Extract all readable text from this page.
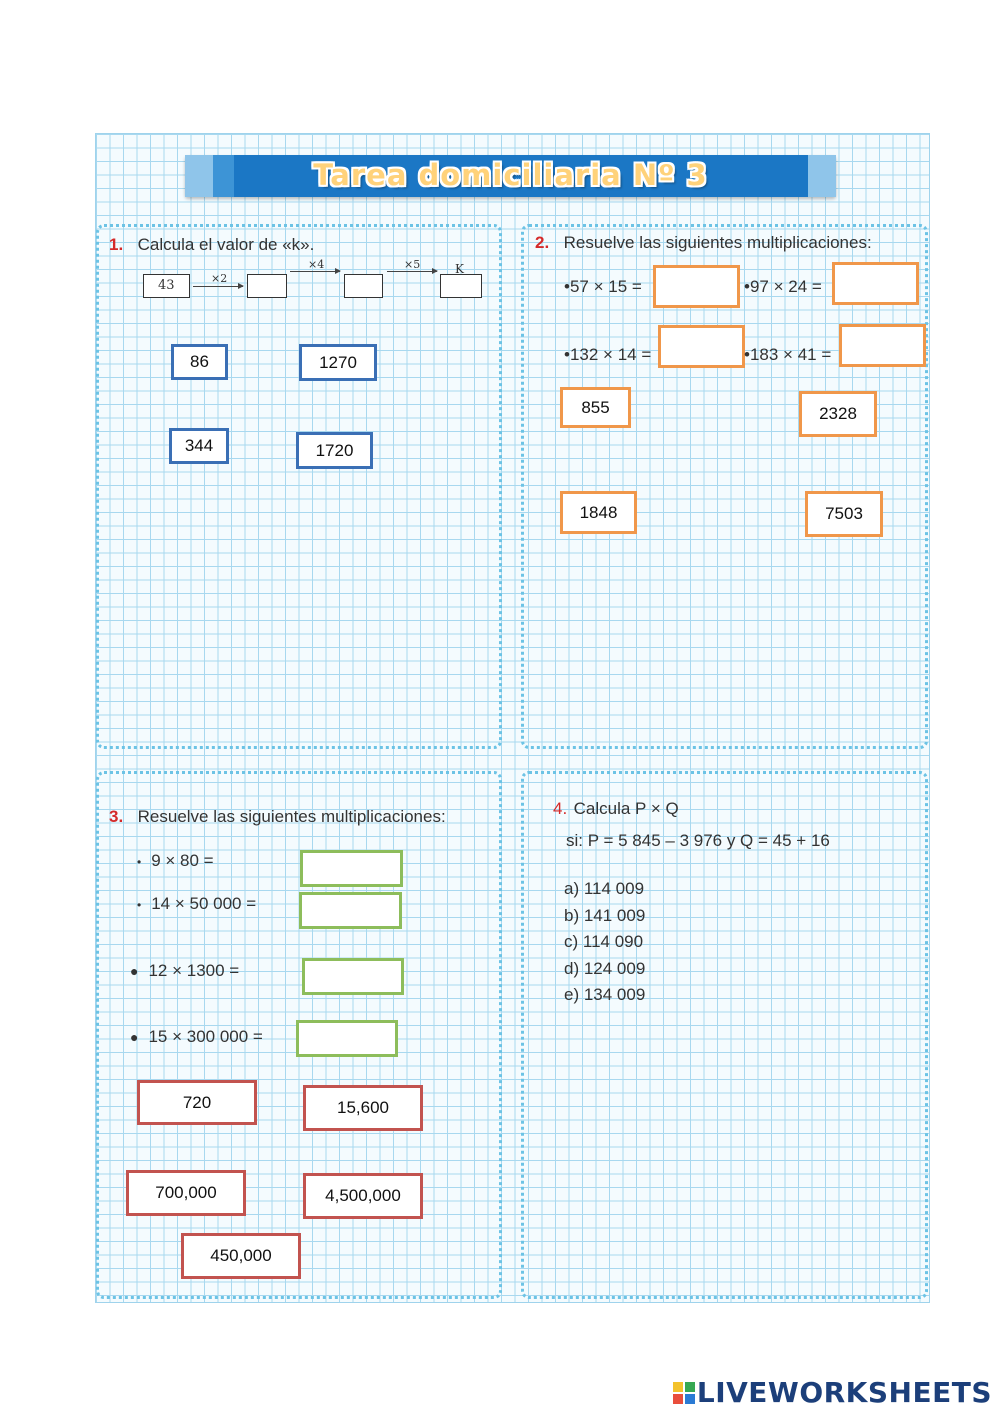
Tarea domiciliaria Nº 3
1. Calcula el valor de «k».
43	×2
×4	×5	K
86	1270
344	1720
2. Resuelve las siguientes multiplicaciones:
•57 × 15 =	•97 × 24 =
•132 × 14 =	•183 × 41 =
855	2328
1848	7503
3. Resuelve las siguientes multiplicaciones:
• 9 × 80 =
• 14 × 50 000 =
● 12 × 1300 =
● 15 × 300 000 =
720	15,600
700,000	4,500,000
450,000
4. Calcula P × Q
si: P = 5 845 – 3 976 y Q = 45 + 16
a) 114 009
b) 141 009
c) 114 090
d) 124 009
e) 134 009
LIVEWORKSHEETS
